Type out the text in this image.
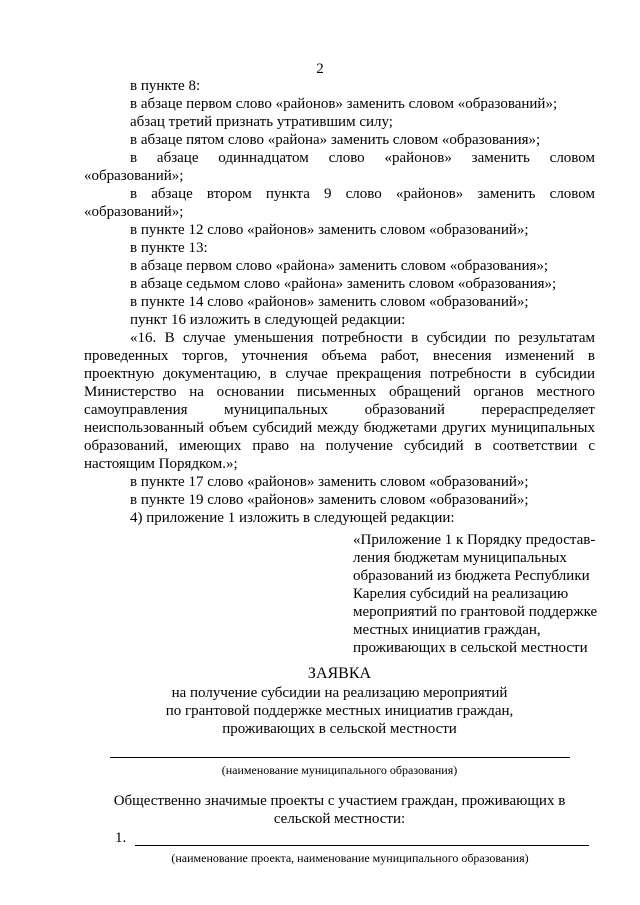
2
в пункте 8:
в абзаце первом слово «районов» заменить словом «образований»;
абзац третий признать утратившим силу;
в абзаце пятом слово «района» заменить словом «образования»;
в абзаце одиннадцатом слово «районов» заменить словом
«образований»;
в абзаце втором пункта 9 слово «районов» заменить словом
«образований»;
в пункте 12 слово «районов» заменить словом «образований»;
в пункте 13:
в абзаце первом слово «района» заменить словом «образования»;
в абзаце седьмом слово «района» заменить словом «образования»;
в пункте 14 слово «районов» заменить словом «образований»;
пункт 16 изложить в следующей редакции:
«16. В случае уменьшения потребности в субсидии по результатам
проведенных торгов, уточнения объема работ, внесения изменений в
проектную документацию, в случае прекращения потребности в субсидии
Министерство на основании письменных обращений органов местного
самоуправления муниципальных образований перераспределяет
неиспользованный объем субсидий между бюджетами других муниципальных
образований, имеющих право на получение субсидий в соответствии с
настоящим Порядком.»;
в пункте 17 слово «районов» заменить словом «образований»;
в пункте 19 слово «районов» заменить словом «образований»;
4) приложение 1 изложить в следующей редакции:
«Приложение 1 к Порядку предостав-
ления бюджетам муниципальных
образований из бюджета Республики
Карелия субсидий на реализацию
мероприятий по грантовой поддержке
местных инициатив граждан,
проживающих в сельской местности
ЗАЯВКА
на получение субсидии на реализацию мероприятий
по грантовой поддержке местных инициатив граждан,
проживающих в сельской местности
(наименование муниципального образования)
Общественно значимые проекты с участием граждан, проживающих в
сельской местности:
1.
(наименование проекта, наименование муниципального образования)
